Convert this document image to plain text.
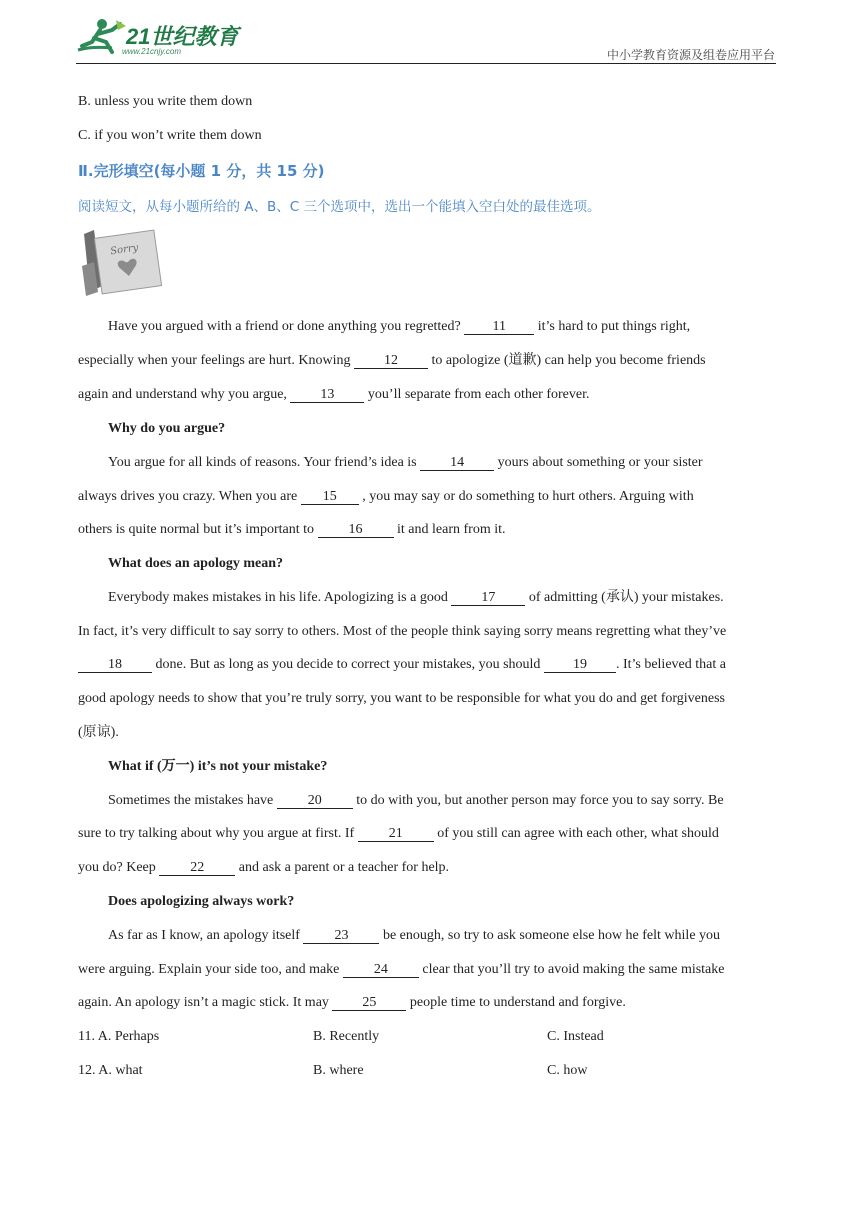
21世纪教育
www.21cnjy.com	中小学教育资源及组卷应用平台
B. unless you write them down
C. if you won’t write them down
Ⅱ.完形填空(每小题 1 分，共 15 分)
阅读短文，从每小题所给的 A、B、C 三个选项中，选出一个能填入空白处的最佳选项。
Sorry
Have you argued with a friend or done anything you regretted? 11 it’s hard to put things right,
especially when your feelings are hurt. Knowing 12 to apologize (道歉) can help you become friends
again and understand why you argue, 13 you’ll separate from each other forever.
Why do you argue?
You argue for all kinds of reasons. Your friend’s idea is 14 yours about something or your sister
always drives you crazy. When you are 15 , you may say or do something to hurt others. Arguing with
others is quite normal but it’s important to 16 it and learn from it.
What does an apology mean?
Everybody makes mistakes in his life. Apologizing is a good 17 of admitting (承认) your mistakes.
In fact, it’s very difficult to say sorry to others. Most of the people think saying sorry means regretting what they’ve
18 done. But as long as you decide to correct your mistakes, you should 19 . It’s believed that a
good apology needs to show that you’re truly sorry, you want to be responsible for what you do and get forgiveness
(原谅).
What if (万一) it’s not your mistake?
Sometimes the mistakes have 20 to do with you, but another person may force you to say sorry. Be
sure to try talking about why you argue at first. If 21 of you still can agree with each other, what should
you do? Keep 22 and ask a parent or a teacher for help.
Does apologizing always work?
As far as I know, an apology itself 23 be enough, so try to ask someone else how he felt while you
were arguing. Explain your side too, and make 24 clear that you’ll try to avoid making the same mistake
again. An apology isn’t a magic stick. It may 25 people time to understand and forgive.
11. A. Perhaps	B. Recently	C. Instead
12. A. what	B. where	C. how
